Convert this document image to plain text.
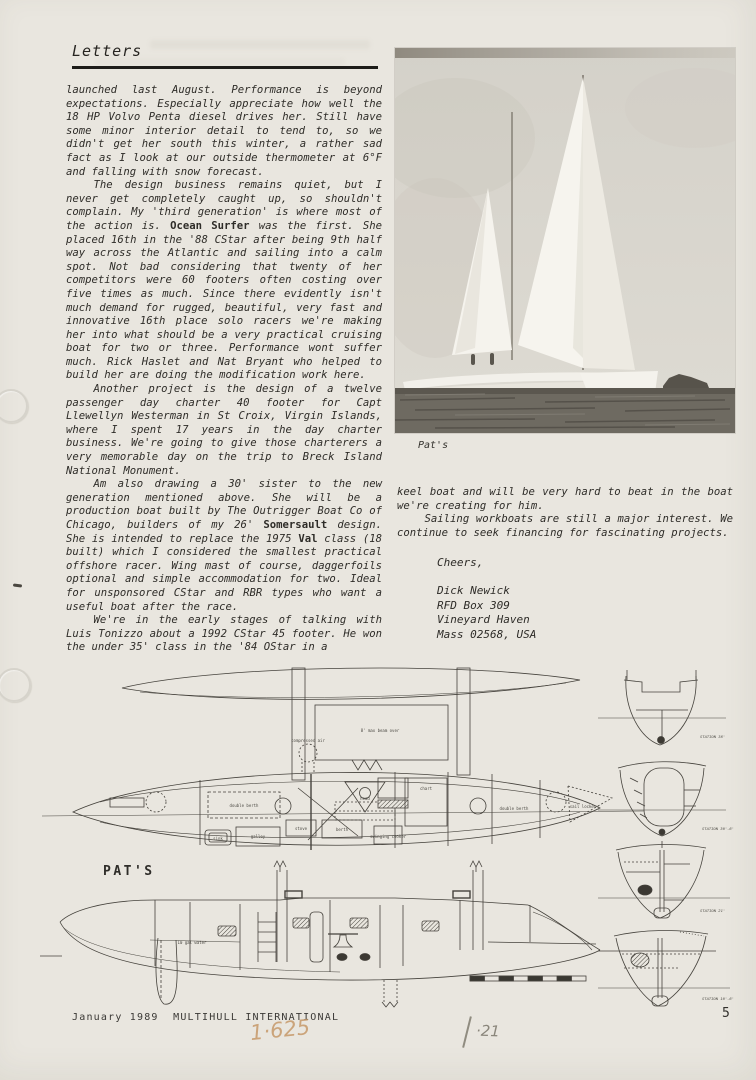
Letters

launched last August. Performance is beyond expectations. Especially appreciate how well the 18 HP Volvo Penta diesel drives her. Still have some minor interior detail to tend to, so we didn't get her south this winter, a rather sad fact as I look at our outside thermometer at 6°F and falling with snow forecast.

The design business remains quiet, but I never get completely caught up, so shouldn't complain. My 'third generation' is where most of the action is. Ocean Surfer was the first. She placed 16th in the '88 CStar after being 9th half way across the Atlantic and sailing into a calm spot. Not bad considering that twenty of her competitors were 60 footers often costing over five times as much. Since there evidently isn't much demand for rugged, beautiful, very fast and innovative 16th place solo racers we're making her into what should be a very practical cruising boat for two or three. Performance wont suffer much. Rick Haslet and Nat Bryant who helped to build her are doing the modification work here.

Another project is the design of a twelve passenger day charter 40 footer for Capt Llewellyn Westerman in St Croix, Virgin Islands, where I spent 17 years in the day charter business. We're going to give those charterers a very memorable day on the trip to Breck Island National Monument.

Am also drawing a 30' sister to the new generation mentioned above. She will be a production boat built by The Outrigger Boat Co of Chicago, builders of my 26' Somersault design. She is intended to replace the 1975 Val class (18 built) which I considered the smallest practical offshore racer. Wing mast of course, daggerfoils optional and simple accommodation for two. Ideal for unsponsored CStar and RBR types who want a useful boat after the race.

We're in the early stages of talking with Luis Tonizzo about a 1992 CStar 45 footer. He won the under 35' class in the '84 OStar in a

Pat's

keel boat and will be very hard to beat in the boat we're creating for him.

Sailing workboats are still a major interest. We continue to seek financing for fascinating projects.

Cheers,
Dick Newick
RFD Box 309
Vineyard Haven
Mass 02568, USA
PAT'S
8' max beam over
double berth
galley
head
sink
stove	berth
chart
double berth	sail locker
swinging cooker
compressed air
10 gal water
STATION 38'
STATION 30'-6'
STATION 21'
STATION 10'-6'
January 1989 MULTIHULL INTERNATIONAL	5
1·625	·21
